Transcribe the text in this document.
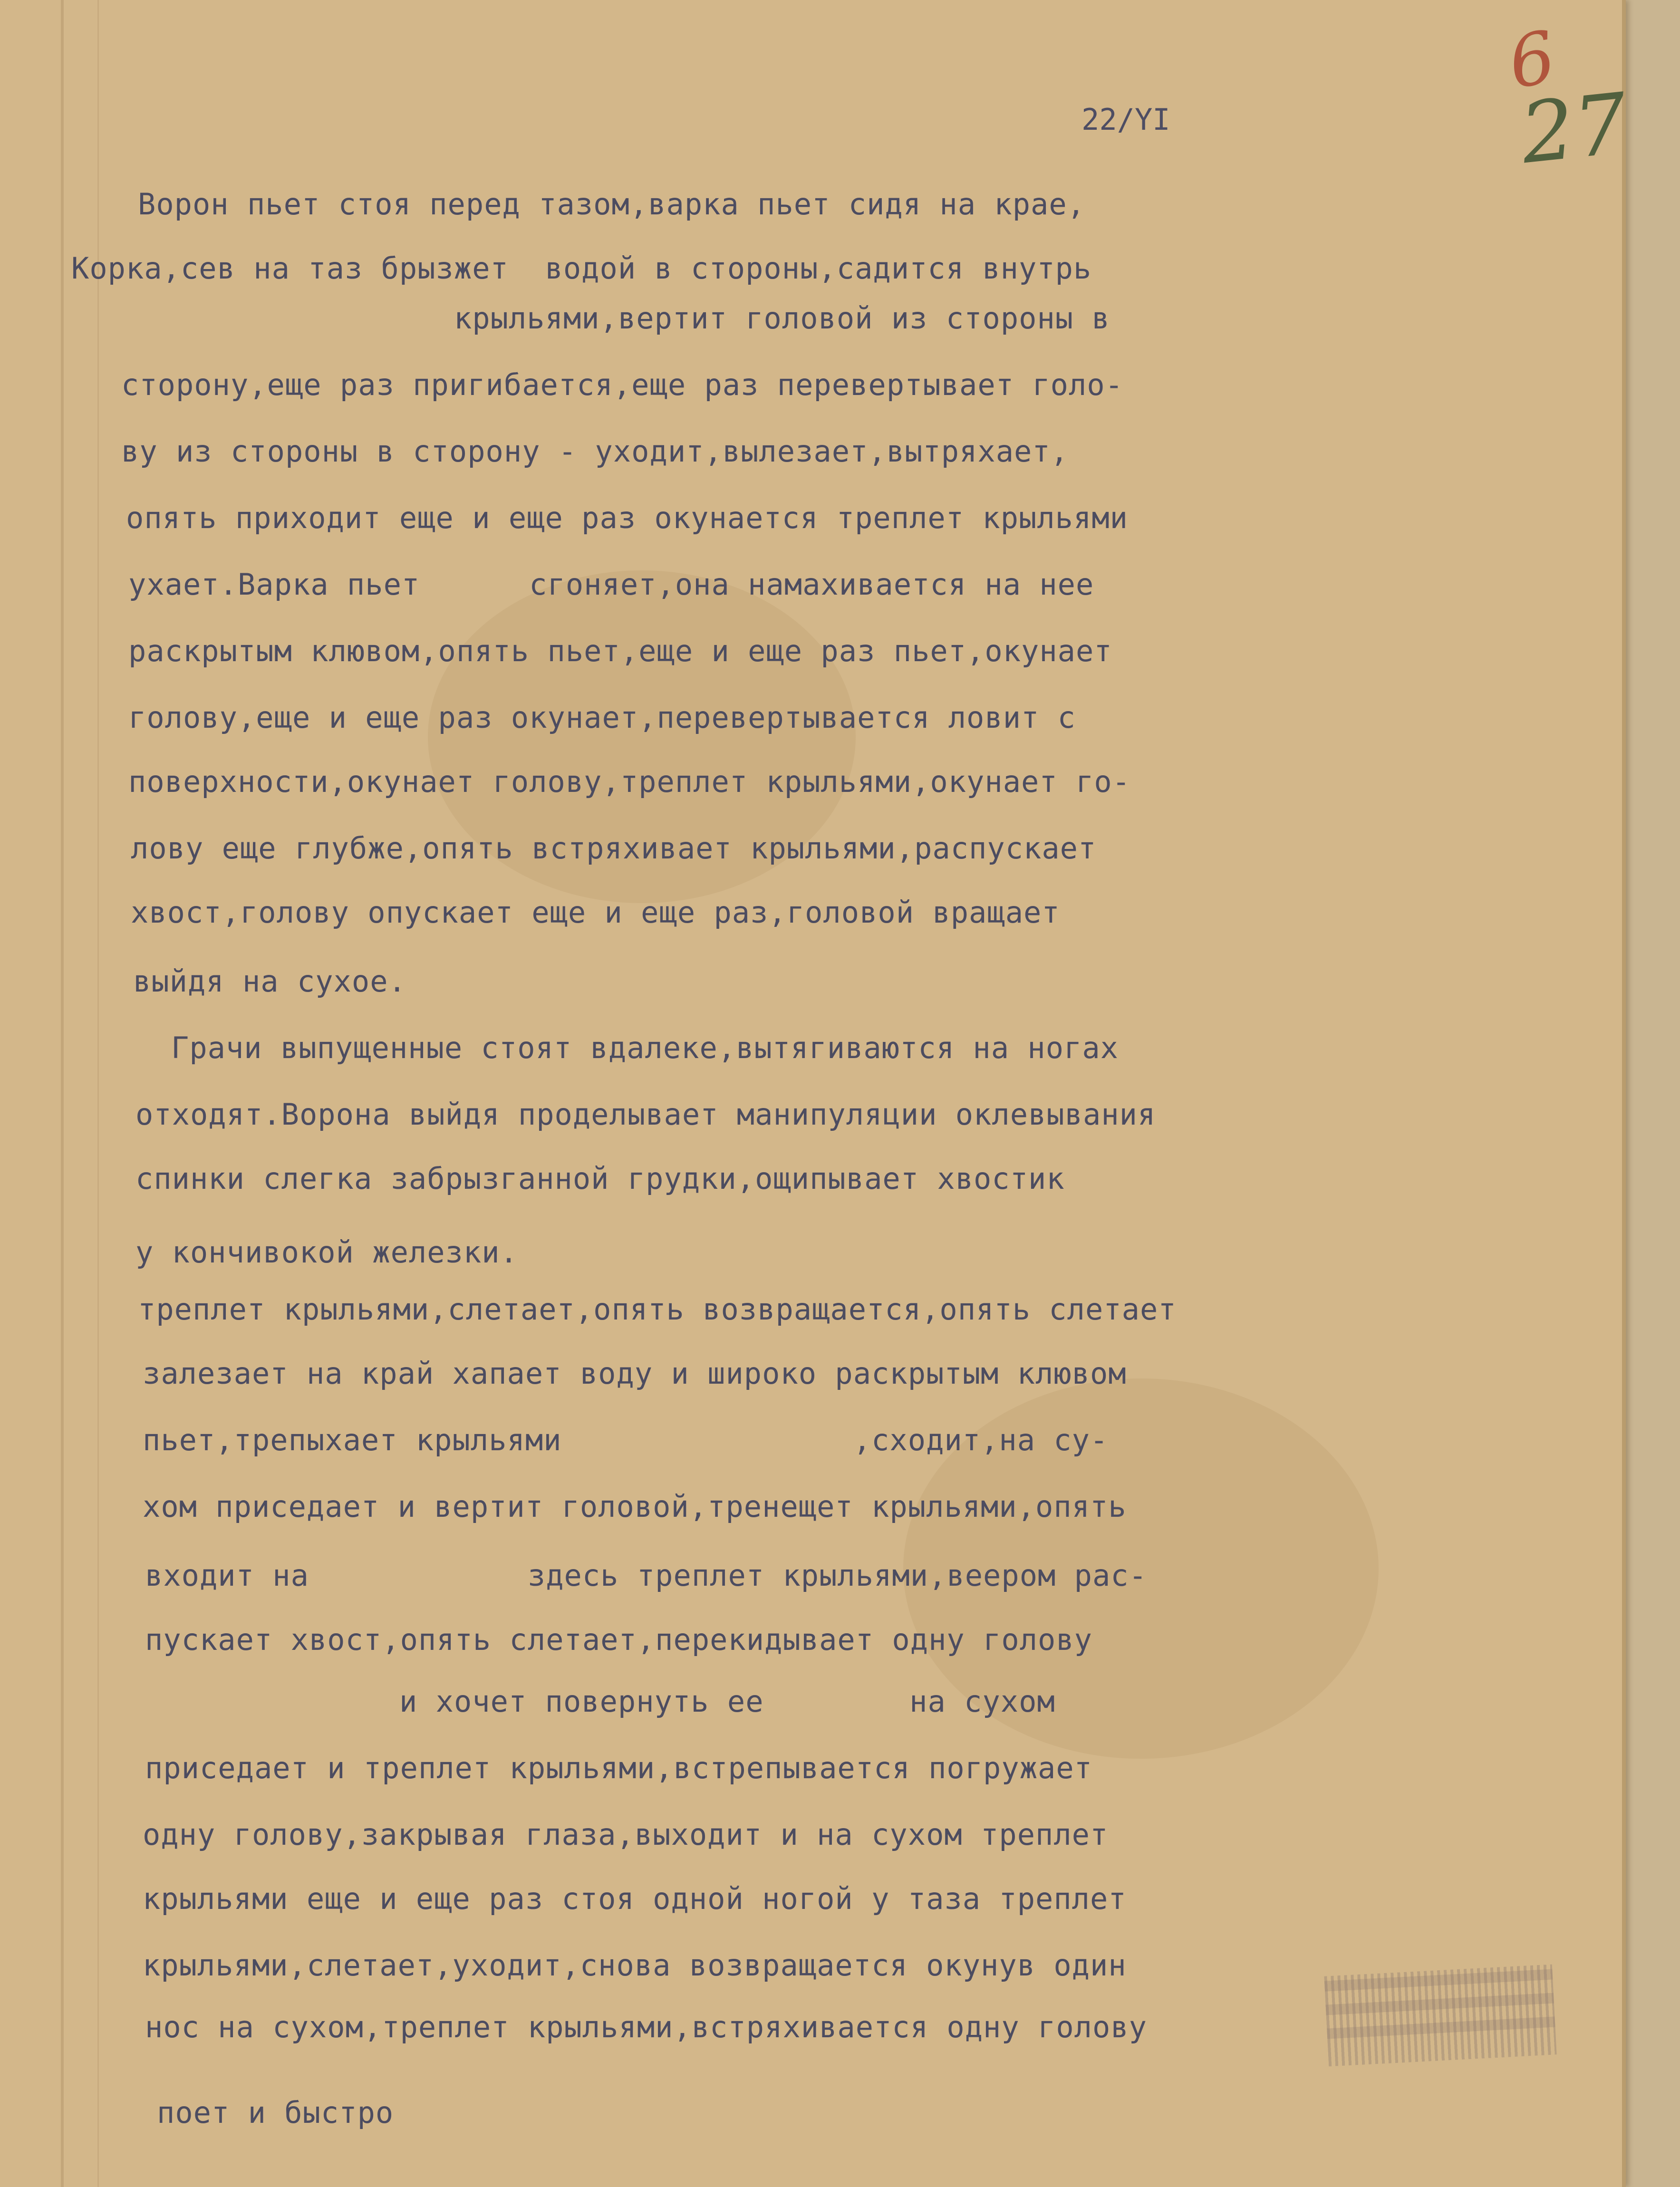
6
27
22/YI
Ворон пьет стоя перед тазом,варка пьет сидя на крае,
Корка,сев на таз брызжет  водой в стороны,садится внутрь
крыльями,вертит головой из стороны в
сторону,еще раз пригибается,еще раз перевертывает голо-
ву из стороны в сторону - уходит,вылезает,вытряхает,
опять приходит еще и еще раз окунается треплет крыльями
ухает.Варка пьет      сгоняет,она намахивается на нее
раскрытым клювом,опять пьет,еще и еще раз пьет,окунает
голову,еще и еще раз окунает,перевертывается ловит с
поверхности,окунает голову,треплет крыльями,окунает го-
лову еще глубже,опять встряхивает крыльями,распускает
хвост,голову опускает еще и еще раз,головой вращает
выйдя на сухое.
Грачи выпущенные стоят вдалеке,вытягиваются на ногах
отходят.Ворона выйдя проделывает манипуляции оклевывания
спинки слегка забрызганной грудки,ощипывает хвостик
у кончивокой железки.
треплет крыльями,слетает,опять возвращается,опять слетает
залезает на край хапает воду и широко раскрытым клювом
пьет,трепыхает крыльями                ,сходит,на су-
хом приседает и вертит головой,тренещет крыльями,опять
входит на            здесь треплет крыльями,веером рас-
пускает хвост,опять слетает,перекидывает одну голову
и хочет повернуть ее        на сухом
приседает и треплет крыльями,встрепывается погружает
одну голову,закрывая глаза,выходит и на сухом треплет
крыльями еще и еще раз стоя одной ногой у таза треплет
крыльями,слетает,уходит,снова возвращается окунув один
нос на сухом,треплет крыльями,встряхивается одну голову
поет и быстро
